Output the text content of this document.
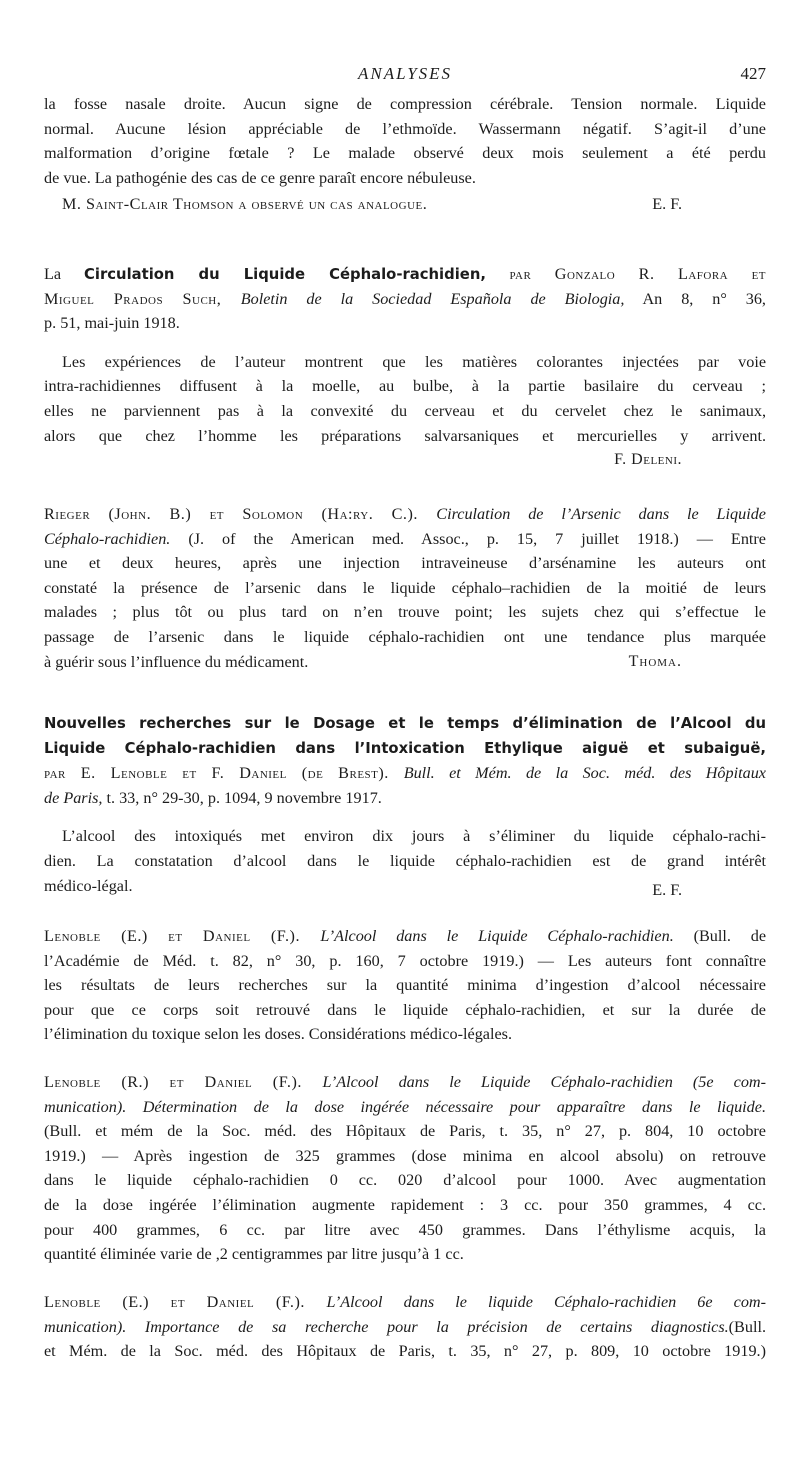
ANALYSES	427
la fosse nasale droite. Aucun signe de compression cérébrale. Tension normale. Liquide
normal. Aucune lésion appréciable de l’ethmoïde. Wassermann négatif. S’agit-il d’une
malformation d’origine fœtale ? Le malade observé deux mois seulement a été perdu
de vue. La pathogénie des cas de ce genre paraît encore nébuleuse.
M. Saint-Clair Thomson a observé un cas analogue.	E. F.
La Circulation du Liquide Céphalo-rachidien, par Gonzalo R. Lafora et
Miguel Prados Such, Boletin de la Sociedad Española de Biologia, An 8, n° 36,
p. 51, mai-juin 1918.
Les expériences de l’auteur montrent que les matières colorantes injectées par voie
intra-rachidiennes diffusent à la moelle, au bulbe, à la partie basilaire du cerveau ;
elles ne parviennent pas à la convexité du cerveau et du cervelet chez le sanimaux,
alors que chez l’homme les préparations salvarsaniques et mercurielles y arrivent.
F. Deleni.
Rieger (John. B.) et Solomon (Ha:ry. C.). Circulation de l’Arsenic dans le Liquide
Céphalo-rachidien. (J. of the American med. Assoc., p. 15, 7 juillet 1918.) — Entre
une et deux heures, après une injection intraveineuse d’arsénamine les auteurs ont
constaté la présence de l’arsenic dans le liquide céphalo–rachidien de la moitié de leurs
malades ; plus tôt ou plus tard on n’en trouve point; les sujets chez qui s’effectue le
passage de l’arsenic dans le liquide céphalo-rachidien ont une tendance plus marquée
à guérir sous l’influence du médicament.	Thoma.
Nouvelles recherches sur le Dosage et le temps d’élimination de l’Alcool du
Liquide Céphalo-rachidien dans l’Intoxication Ethylique aiguë et subaiguë,
par E. Lenoble et F. Daniel (de Brest). Bull. et Mém. de la Soc. méd. des Hôpitaux
de Paris, t. 33, n° 29-30, p. 1094, 9 novembre 1917.
L’alcool des intoxiqués met environ dix jours à s’éliminer du liquide céphalo-rachi-
dien. La constatation d’alcool dans le liquide céphalo-rachidien est de grand intérêt
médico-légal.	E. F.
Lenoble (E.) et Daniel (F.). L’Alcool dans le Liquide Céphalo-rachidien. (Bull. de
l’Académie de Méd. t. 82, n° 30, p. 160, 7 octobre 1919.) — Les auteurs font connaître
les résultats de leurs recherches sur la quantité minima d’ingestion d’alcool nécessaire
pour que ce corps soit retrouvé dans le liquide céphalo-rachidien, et sur la durée de
l’élimination du toxique selon les doses. Considérations médico-légales.
Lenoble (R.) et Daniel (F.). L’Alcool dans le Liquide Céphalo-rachidien (5e com-
munication). Détermination de la dose ingérée nécessaire pour apparaître dans le liquide.
(Bull. et mém de la Soc. méd. des Hôpitaux de Paris, t. 35, n° 27, p. 804, 10 octobre
1919.) — Après ingestion de 325 grammes (dose minima en alcool absolu) on retrouve
dans le liquide céphalo-rachidien 0 cc. 020 d’alcool pour 1000. Avec augmentation
de la doɜe ingérée l’élimination augmente rapidement : 3 cc. pour 350 grammes, 4 cc.
pour 400 grammes, 6 cc. par litre avec 450 grammes. Dans l’éthylisme acquis, la
quantité éliminée varie de ,2 centigrammes par litre jusqu’à 1 cc.
Lenoble (E.) et Daniel (F.). L’Alcool dans le liquide Céphalo-rachidien 6e com-
munication). Importance de sa recherche pour la précision de certains diagnostics.(Bull.
et Mém. de la Soc. méd. des Hôpitaux de Paris, t. 35, n° 27, p. 809, 10 octobre 1919.)
